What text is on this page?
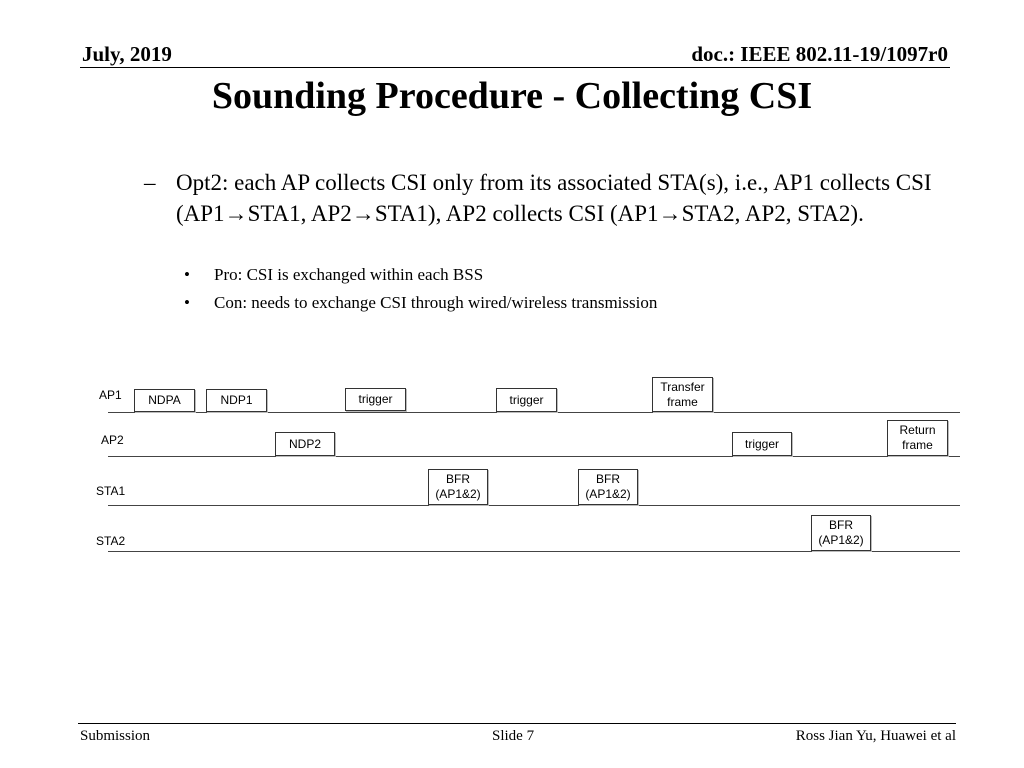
July, 2019	doc.: IEEE 802.11-19/1097r0
Sounding Procedure - Collecting CSI
– Opt2: each AP collects CSI only from its associated STA(s), i.e., AP1 collects CSI (AP1→STA1, AP2→STA1), AP2 collects CSI (AP1→STA2, AP2, STA2).
• Pro: CSI is exchanged within each BSS
• Con: needs to exchange CSI through wired/wireless transmission
AP1
AP2
STA1
STA2
NDPA	NDP1	trigger	trigger
Transfer
frame
NDP2	trigger
Return
frame
BFR
(AP1&2)
BFR
(AP1&2)
BFR
(AP1&2)
Submission	Slide 7	Ross Jian Yu, Huawei et al
